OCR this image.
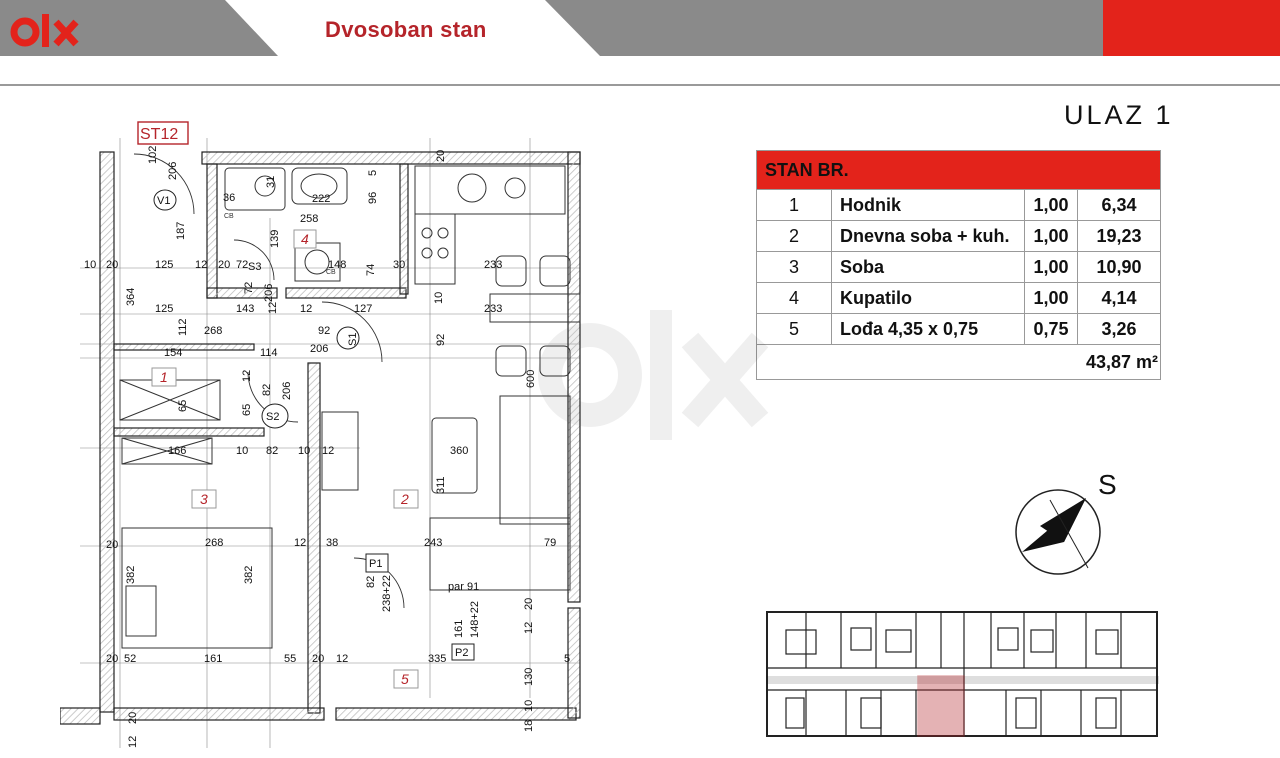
Dvosoban stan
ULAZ 1
STAN BR.			
1	Hodnik	1,00	6,34
2	Dnevna soba + kuh.	1,00	19,23
3	Soba	1,00	10,90
4	Kupatilo	1,00	4,14
5	Lođa 4,35 x 0,75	0,75	3,26
43,87 m²			
S
V1
S1
S2
S3
P1
P2
ST12
4
1
3	2
5
CB
CB
102
206
187
36	222	96
258
5
31
139
20
10 20	125 12 20 72	148 74 30	233
364	72 206
125	143 12 12	127
10
233
112 268	92
206
92
154	114
12
82 206
600
65	65
166	10 82 10 12	360
311
20	268	12 38	243	79
382	382	82 238+22	par 91
20
161 148+22	12
20 52	161	55 20 12	335	5
130
10
20
18
12
